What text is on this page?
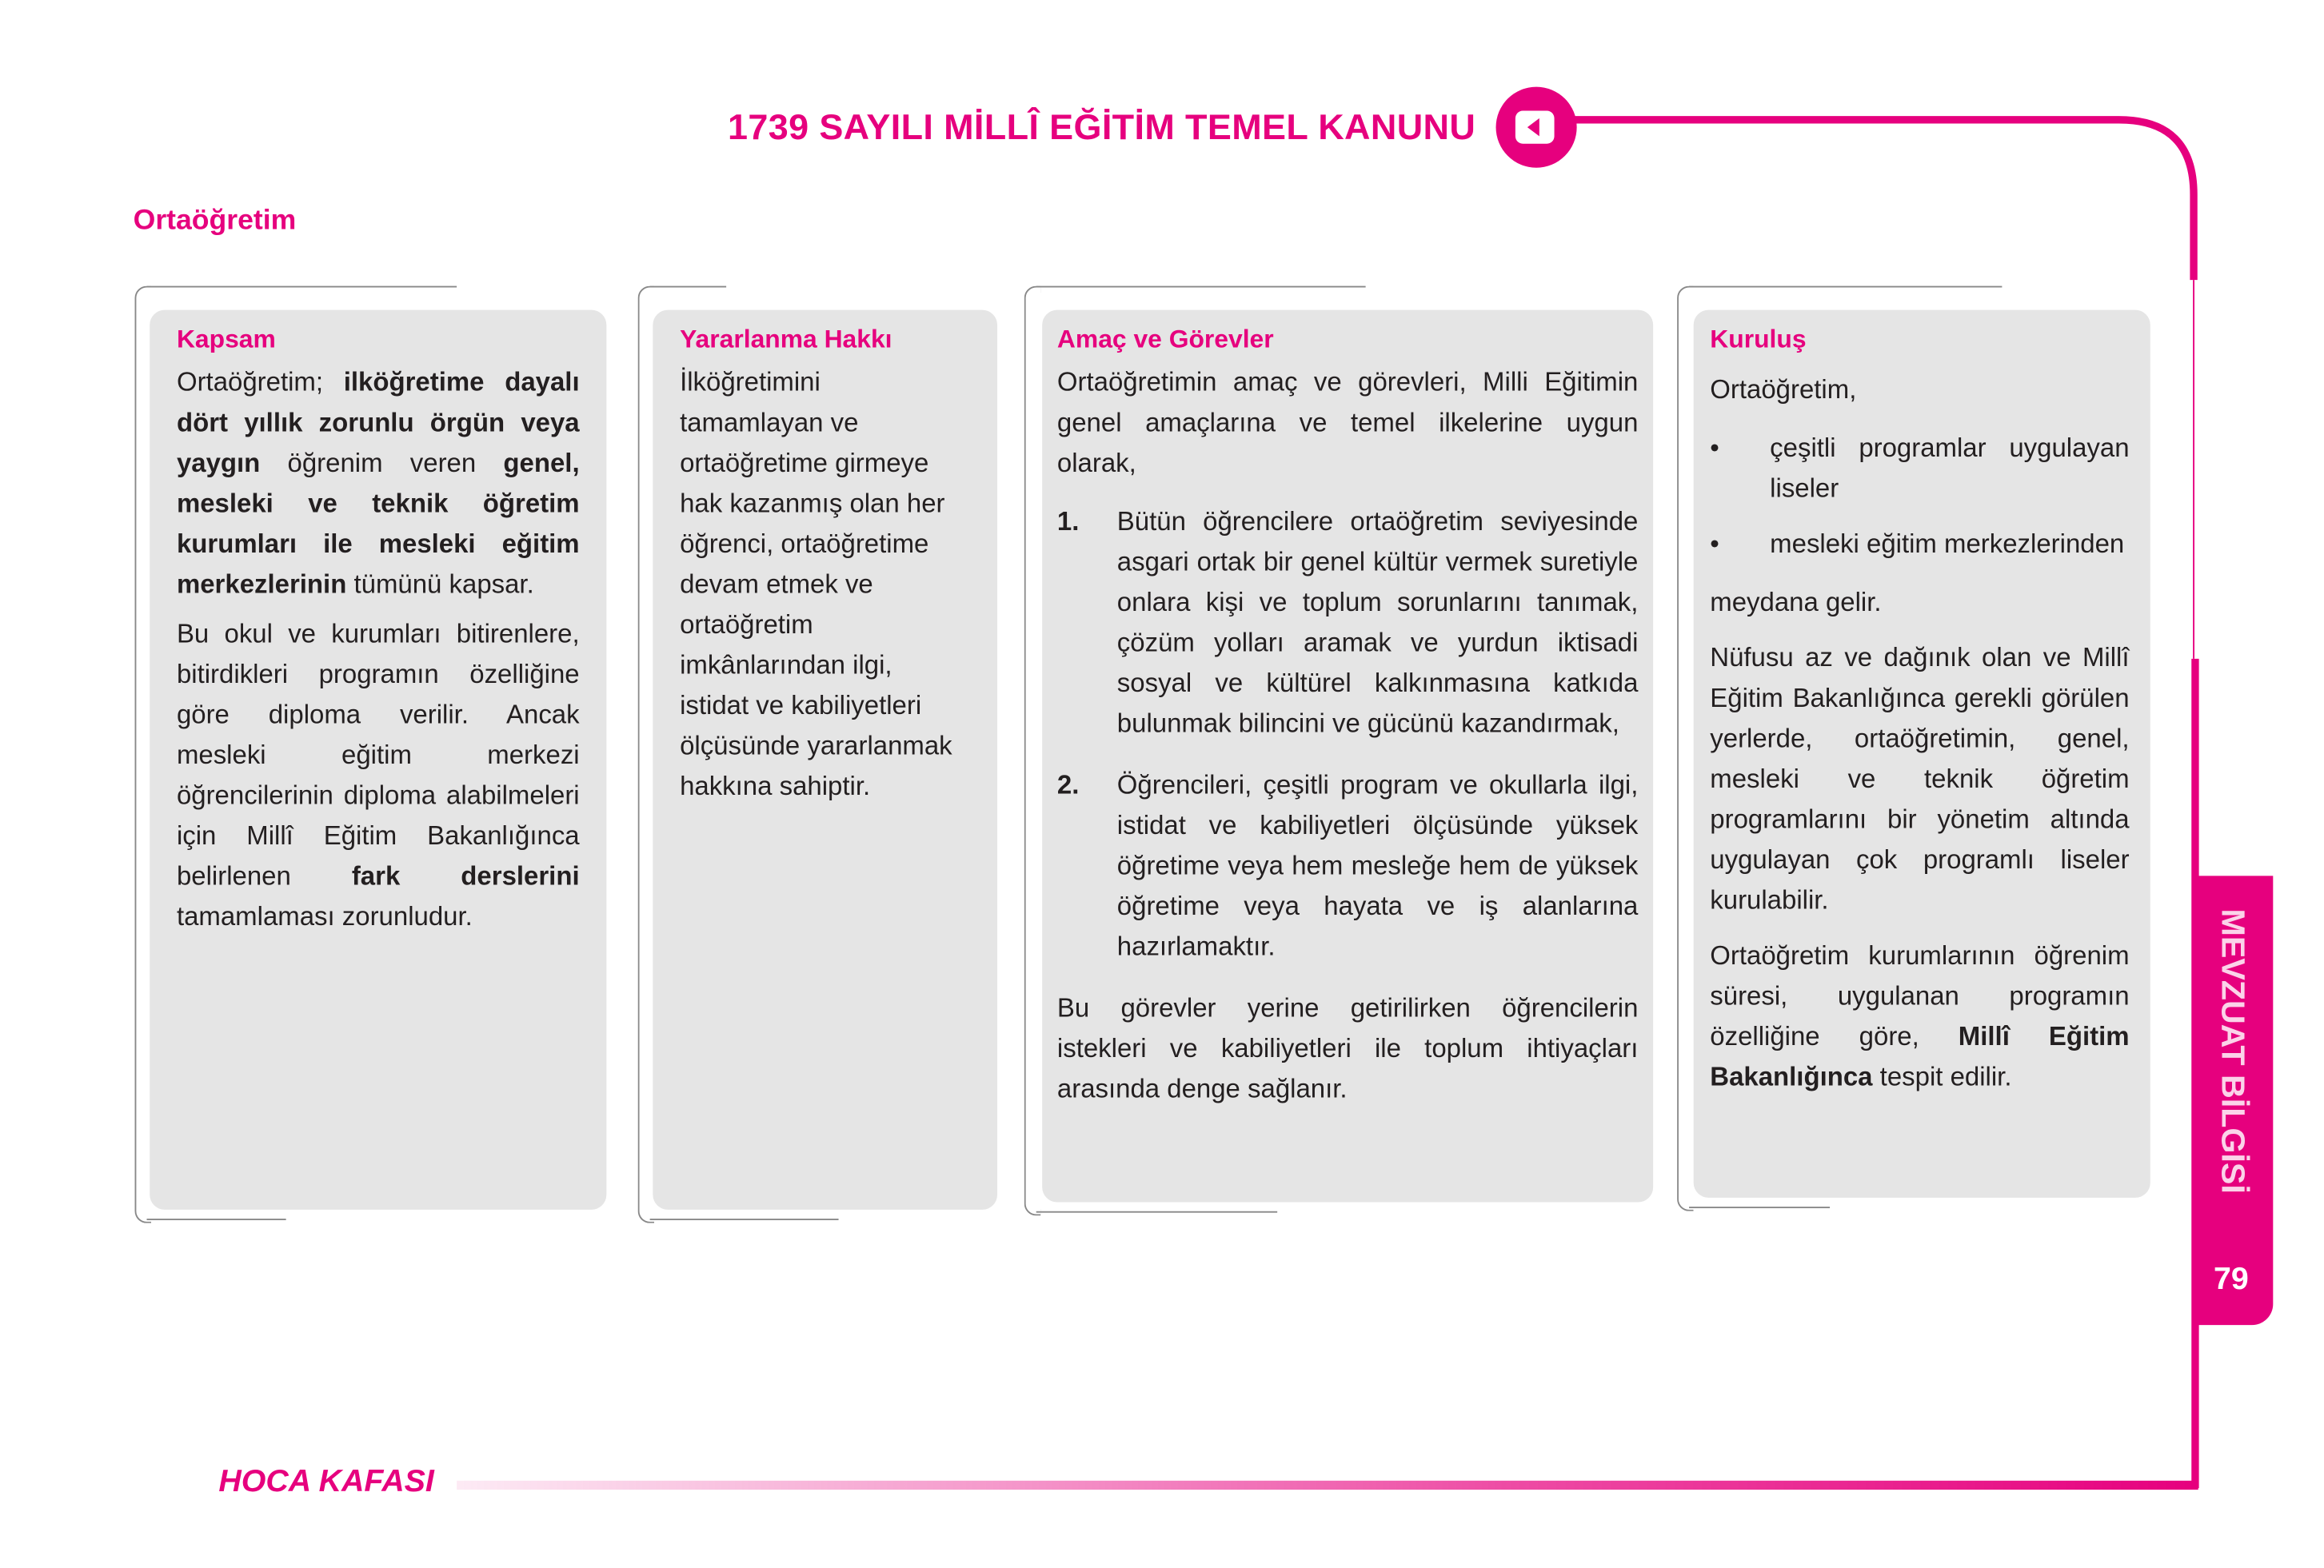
1739 SAYILI MİLLÎ EĞİTİM TEMEL KANUNU
Ortaöğretim
Kapsam

Ortaöğretim; ilköğretime dayalı dört yıllık zorunlu örgün veya yaygın öğrenim veren genel, mesleki ve teknik öğretim kurumları ile mesleki eğitim merkezlerinin tümünü kapsar.

Bu okul ve kurumları bitirenlere, bitirdikleri programın özelliğine göre diploma verilir. Ancak mesleki eğitim merkezi öğrencilerinin diploma alabilmeleri için Millî Eğitim Bakanlığınca belirlenen fark derslerini tamamlaması zorunludur.

Yararlanma Hakkı

İlköğretimini tamamlayan ve ortaöğretime girmeye hak kazanmış olan her öğrenci, ortaöğretime devam etmek ve ortaöğretim imkânlarından ilgi, istidat ve kabiliyetleri ölçüsünde yararlanmak hakkına sahiptir.

Amaç ve Görevler

Ortaöğretimin amaç ve görevleri, Milli Eğitimin genel amaçlarına ve temel ilkelerine uygun olarak,

1.	Bütün öğrencilere ortaöğretim seviyesinde asgari ortak bir genel kültür vermek suretiyle onlara kişi ve toplum sorunlarını tanımak, çözüm yolları aramak ve yurdun iktisadi sosyal ve kültürel kalkınmasına katkıda bulunmak bilincini ve gücünü kazandırmak,
2.	Öğrencileri, çeşitli program ve okullarla ilgi, istidat ve kabiliyetleri ölçüsünde yüksek öğretime veya hem mesleğe hem de yüksek öğretime veya hayata ve iş alanlarına hazırlamaktır.

Bu görevler yerine getirilirken öğrencilerin istekleri ve kabiliyetleri ile toplum ihtiyaçları arasında denge sağlanır.

Kuruluş

Ortaöğretim,

•	çeşitli programlar uygulayan liseler
•	mesleki eğitim merkezlerinden

meydana gelir.

Nüfusu az ve dağınık olan ve Millî Eğitim Bakanlığınca gerekli görülen yerlerde, ortaöğretimin, genel, mesleki ve teknik öğretim programlarını bir yönetim altında uygulayan çok programlı liseler kurulabilir.

Ortaöğretim kurumlarının öğrenim süresi, uygulanan programın özelliğine göre, Millî Eğitim Bakanlığınca tespit edilir.	MEVZUAT BİLGİSİ
79
HOCA KAFASI
